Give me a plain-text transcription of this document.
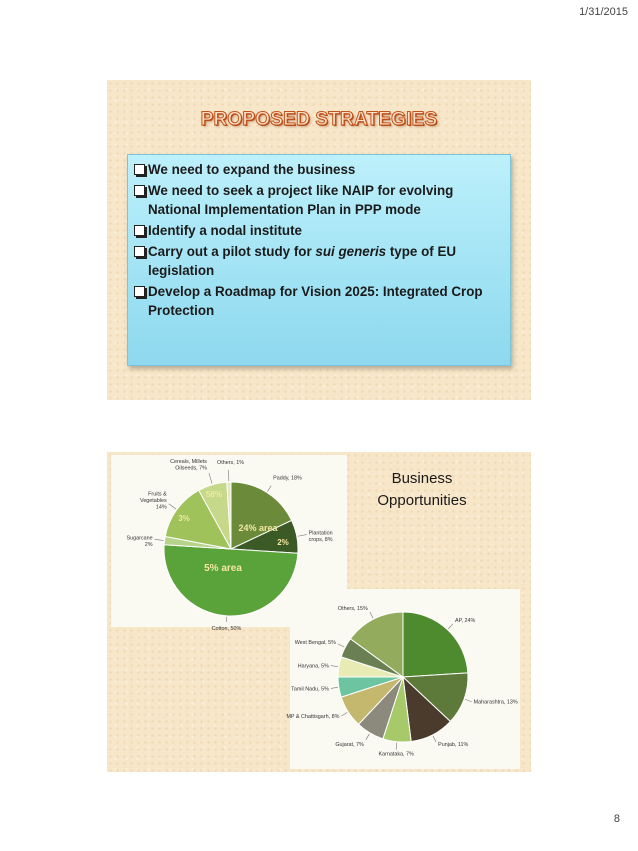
1/31/2015
PROPOSED STRATEGIES
We need to expand the business
We need to seek a project like NAIP for evolving National Implementation Plan in PPP mode
Identify a nodal institute
Carry out a pilot study for sui generis type of EU legislation
Develop a Roadmap for Vision 2025: Integrated Crop Protection
Business
Opportunities
Paddy, 18%
Plantation
crops, 8%
Cotton, 50%
Sugarcane
2%
Fruits &
Vegetables
14%
Cereals, Millets
Oilseeds, 7%
Others, 1%
24% area
2%
5% area
3%
58%
AP, 24%
Maharashtra, 13%
Punjab, 11%
Karnataka, 7%
Gujarat, 7%
MP & Chattisgarh, 8%
Tamil Nadu, 5%
Haryana, 5%
West Bengal, 5%
Others, 15%
8
